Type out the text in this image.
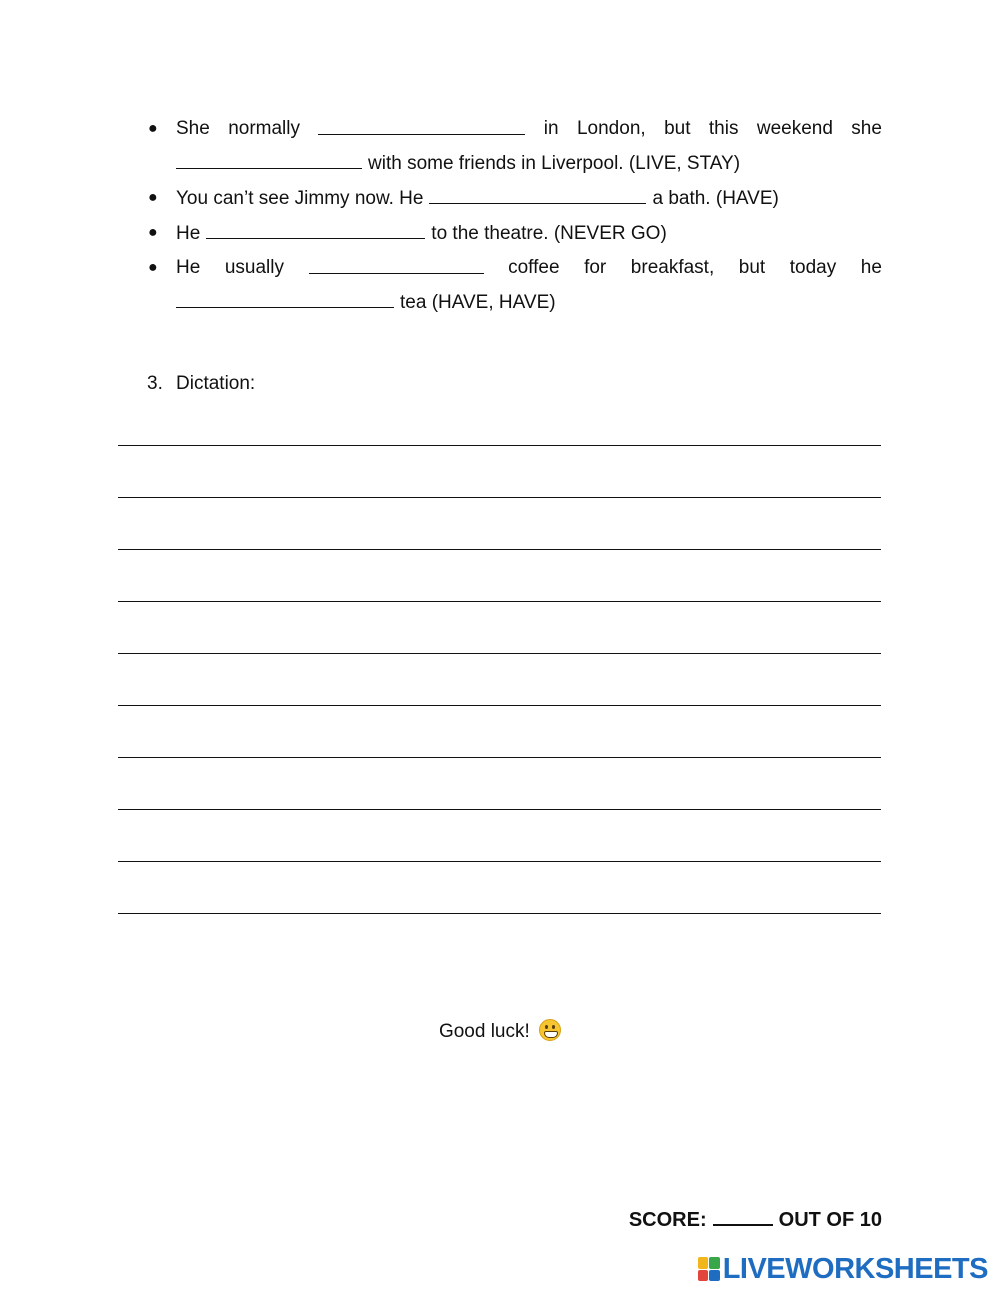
● She normally	in London, but this weekend she
with some friends in Liverpool. (LIVE, STAY)
● You can’t see Jimmy now. He	a bath. (HAVE)
● He	to the theatre. (NEVER GO)
● He usually	coffee for breakfast, but today he
tea (HAVE, HAVE)
3. Dictation:
Good luck!
SCORE:	OUT OF 10
LIVEWORKSHEETS
